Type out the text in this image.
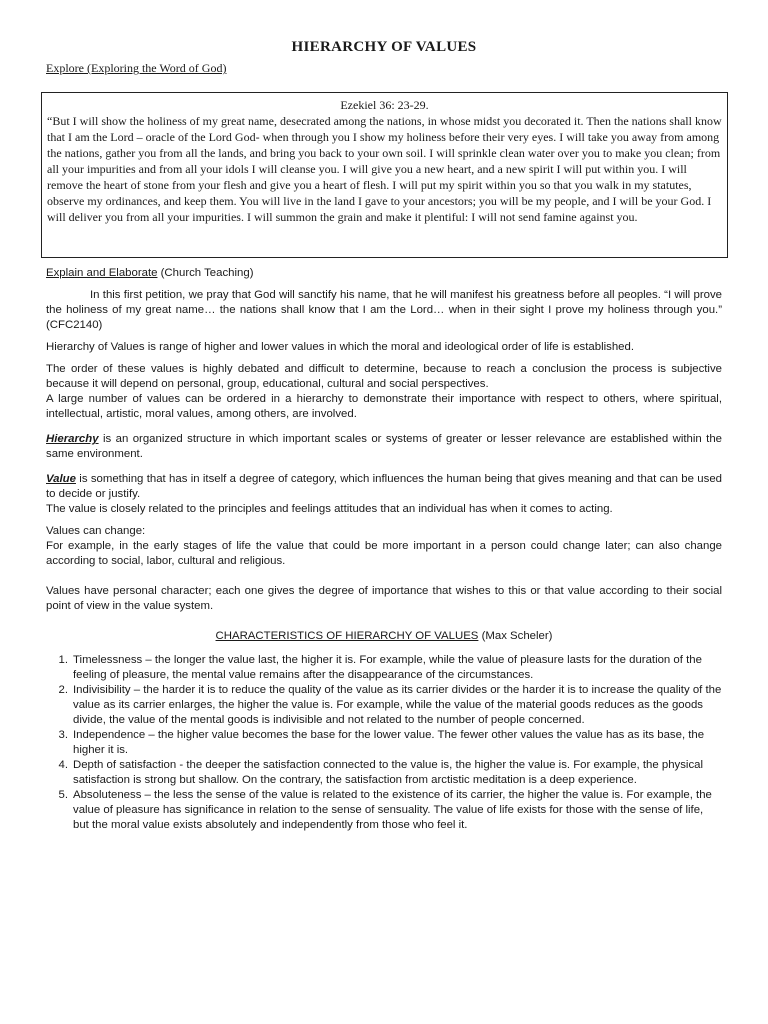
HIERARCHY OF VALUES

Explore (Exploring the Word of God)

Ezekiel 36: 23-29.

“But I will show the holiness of my great name, desecrated among the nations, in whose midst you decorated it. Then the nations shall know that I am the Lord – oracle of the Lord God- when through you I show my holiness before their very eyes. I will take you away from among the nations, gather you from all the lands, and bring you back to your own soil. I will sprinkle clean water over you to make you clean; from all your impurities and from all your idols I will cleanse you. I will give you a new heart, and a new spirit I will put within you. I will remove the heart of stone from your flesh and give you a heart of flesh. I will put my spirit within you so that you walk in my statutes, observe my ordinances, and keep them. You will live in the land I gave to your ancestors; you will be my people, and I will be your God. I will deliver you from all your impurities. I will summon the grain and make it plentiful: I will not send famine against you.

Explain and Elaborate (Church Teaching)

In this first petition, we pray that God will sanctify his name, that he will manifest his greatness before all peoples. “I will prove the holiness of my great name… the nations shall know that I am the Lord… when in their sight I prove my holiness through you.” (CFC2140)

Hierarchy of Values is range of higher and lower values in which the moral and ideological order of life is established.

The order of these values is highly debated and difficult to determine, because to reach a conclusion the process is subjective because it will depend on personal, group, educational, cultural and social perspectives.

A large number of values can be ordered in a hierarchy to demonstrate their importance with respect to others, where spiritual, intellectual, artistic, moral values, among others, are involved.

Hierarchy is an organized structure in which important scales or systems of greater or lesser relevance are established within the same environment.

Value is something that has in itself a degree of category, which influences the human being that gives meaning and that can be used to decide or justify.

The value is closely related to the principles and feelings attitudes that an individual has when it comes to acting.

Values can change:

For example, in the early stages of life the value that could be more important in a person could change later; can also change according to social, labor, cultural and religious.

Values have personal character; each one gives the degree of importance that wishes to this or that value according to their social point of view in the value system.

CHARACTERISTICS OF HIERARCHY OF VALUES (Max Scheler)

1. Timelessness – the longer the value last, the higher it is. For example, while the value of pleasure lasts for the duration of the feeling of pleasure, the mental value remains after the disappearance of the circumstances.
2. Indivisibility – the harder it is to reduce the quality of the value as its carrier divides or the harder it is to increase the quality of the value as its carrier enlarges, the higher the value is. For example, while the value of the material goods reduces as the goods divide, the value of the mental goods is indivisible and not related to the number of people concerned.
3. Independence – the higher value becomes the base for the lower value. The fewer other values the value has as its base, the higher it is.
4. Depth of satisfaction - the deeper the satisfaction connected to the value is, the higher the value is. For example, the physical satisfaction is strong but shallow. On the contrary, the satisfaction from arctistic meditation is a deep experience.
5. Absoluteness – the less the sense of the value is related to the existence of its carrier, the higher the value is. For example, the value of pleasure has significance in relation to the sense of sensuality. The value of life exists for those with the sense of life, but the moral value exists absolutely and independently from those who feel it.
